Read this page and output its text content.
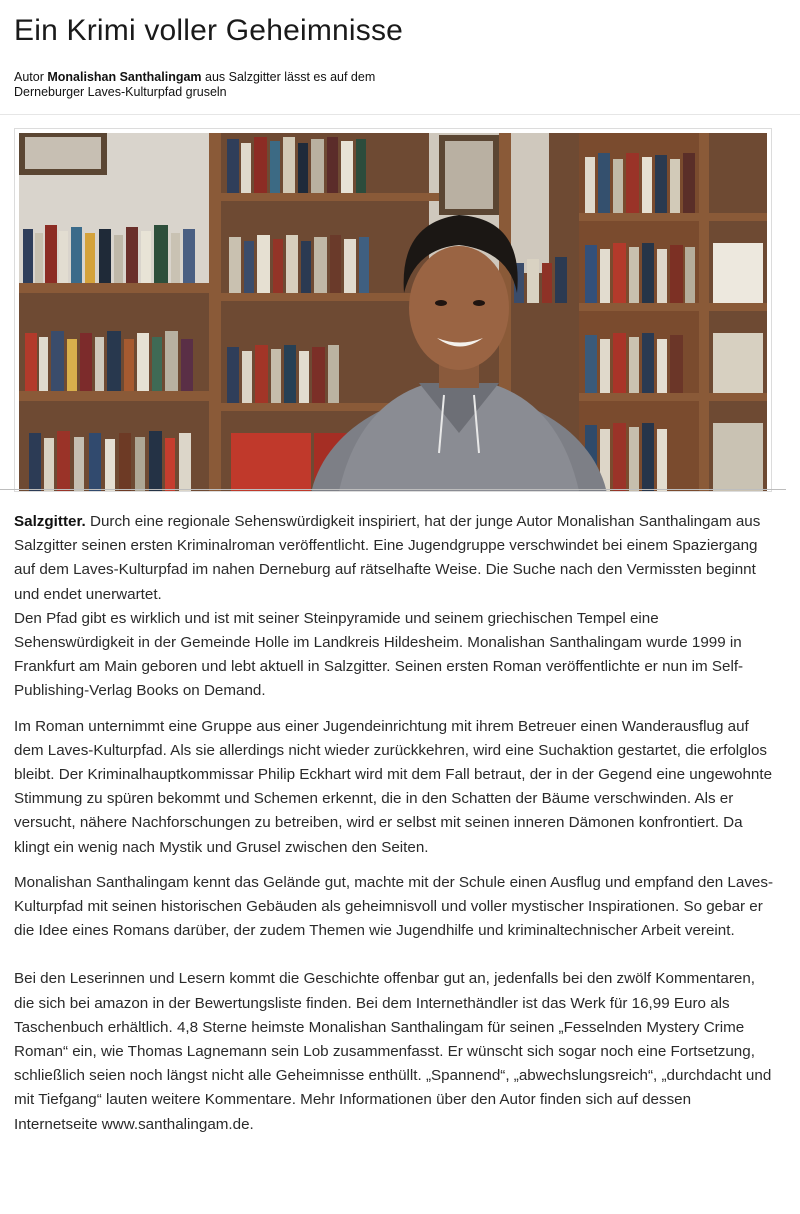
Ein Krimi voller Geheimnisse

Autor Monalishan Santhalingam aus Salzgitter lässt es auf dem Derneburger Laves-Kulturpfad gruseln

Salzgitter. Durch eine regionale Sehenswürdigkeit inspiriert, hat der junge Autor Monalishan Santhalingam aus Salzgitter seinen ersten Kriminalroman veröffentlicht. Eine Jugendgruppe verschwindet bei einem Spaziergang auf dem Laves-Kulturpfad im nahen Derneburg auf rätselhafte Weise. Die Suche nach den Vermissten beginnt und endet unerwartet.
Den Pfad gibt es wirklich und ist mit seiner Steinpyramide und seinem griechischen Tempel eine Sehenswürdigkeit in der Gemeinde Holle im Landkreis Hildesheim. Monalishan Santhalingam wurde 1999 in Frankfurt am Main geboren und lebt aktuell in Salzgitter. Seinen ersten Roman veröffentlichte er nun im Self-Publishing-Verlag Books on Demand.

Im Roman unternimmt eine Gruppe aus einer Jugendeinrichtung mit ihrem Betreuer einen Wanderausflug auf dem Laves-Kulturpfad. Als sie allerdings nicht wieder zurückkehren, wird eine Suchaktion gestartet, die erfolglos bleibt. Der Kriminalhauptkommissar Philip Eckhart wird mit dem Fall betraut, der in der Gegend eine ungewohnte Stimmung zu spüren bekommt und Schemen erkennt, die in den Schatten der Bäume verschwinden. Als er versucht, nähere Nachforschungen zu betreiben, wird er selbst mit seinen inneren Dämonen konfrontiert. Da klingt ein wenig nach Mystik und Grusel zwischen den Seiten.

Monalishan Santhalingam kennt das Gelände gut, machte mit der Schule einen Ausflug und empfand den Laves-Kulturpfad mit seinen historischen Gebäuden als geheimnisvoll und voller mystischer Inspirationen. So gebar er die Idee eines Romans darüber, der zudem Themen wie Jugendhilfe und kriminaltechnischer Arbeit vereint.

Bei den Leserinnen und Lesern kommt die Geschichte offenbar gut an, jedenfalls bei den zwölf Kommentaren, die sich bei amazon in der Bewertungsliste finden. Bei dem Internethändler ist das Werk für 16,99 Euro als Taschenbuch erhältlich. 4,8 Sterne heimste Monalishan Santhalingam für seinen „Fesselnden Mystery Crime Roman“ ein, wie Thomas Lagnemann sein Lob zusammenfasst. Er wünscht sich sogar noch eine Fortsetzung, schließlich seien noch längst nicht alle Geheimnisse enthüllt. „Spannend“, „abwechslungsreich“, „durchdacht und mit Tiefgang“ lauten weitere Kommentare. Mehr Informationen über den Autor finden sich auf dessen Internetseite www.santhalingam.de.
